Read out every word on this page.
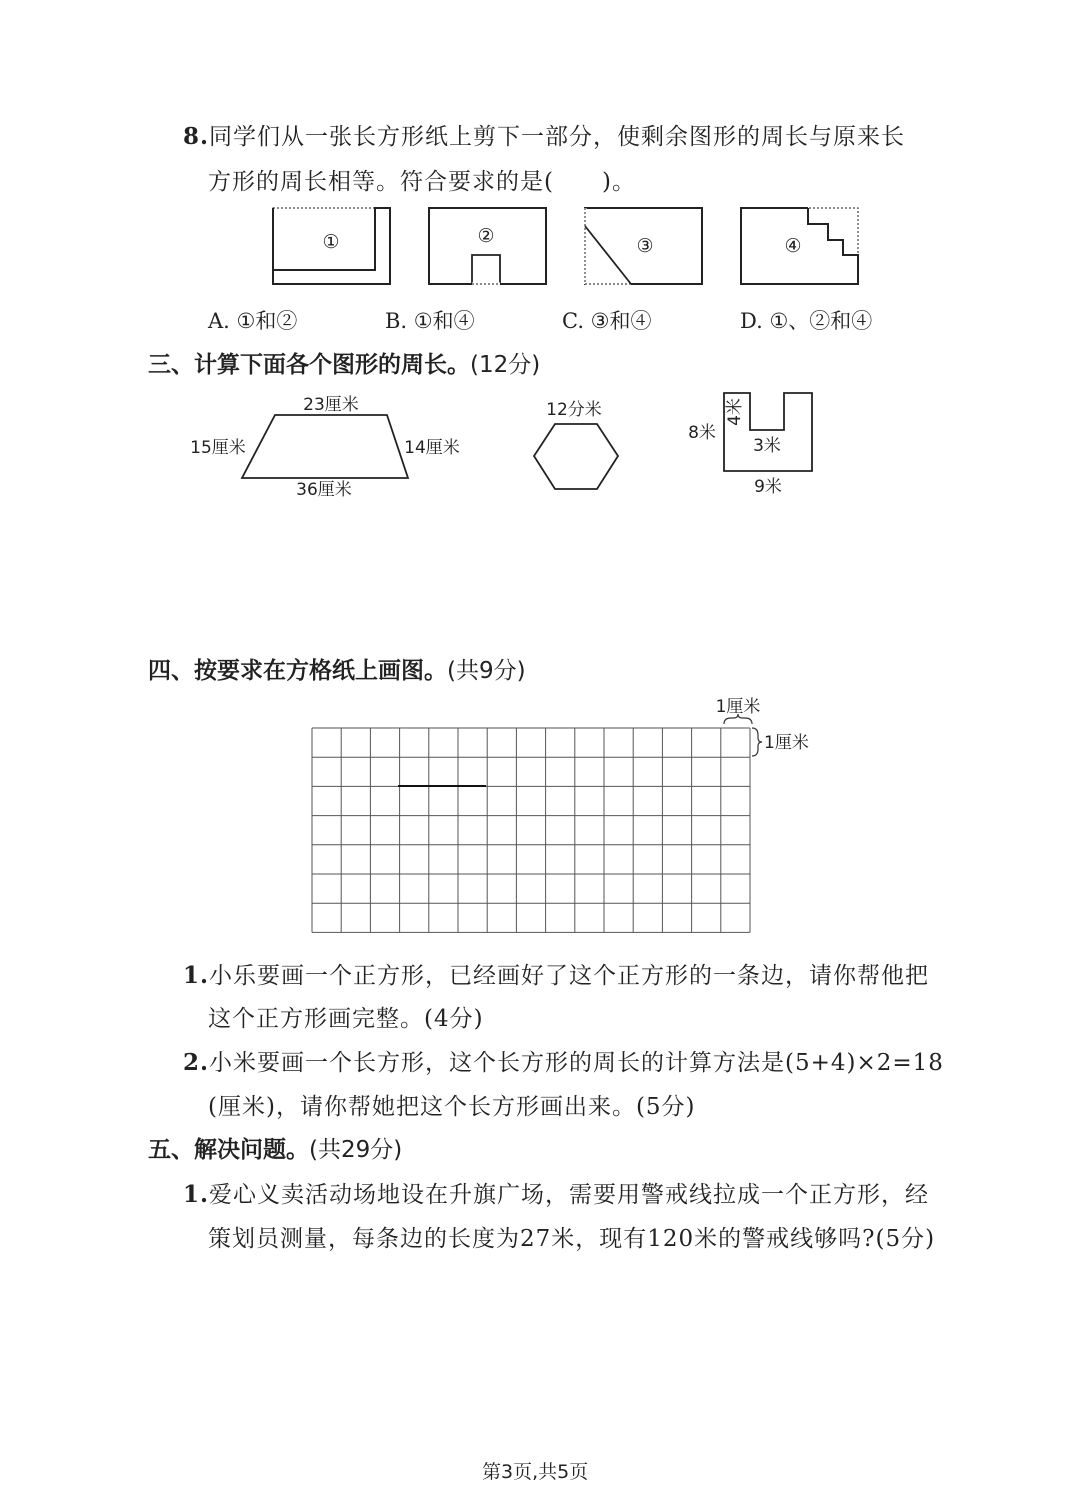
8.同学们从一张长方形纸上剪下一部分，使剩余图形的周长与原来长
方形的周长相等。符合要求的是(　　)。
①	②	③	④
A. ①和②	B. ①和④	C. ③和④	D. ①、②和④
三、计算下面各个图形的周长。(12分)
23厘米
15厘米	14厘米
36厘米
12分米
8米
4米
3米
9米
四、按要求在方格纸上画图。(共9分)
1厘米
1厘米
1.小乐要画一个正方形，已经画好了这个正方形的一条边，请你帮他把
这个正方形画完整。(4分)
2.小米要画一个长方形，这个长方形的周长的计算方法是(5+4)×2=18
(厘米)，请你帮她把这个长方形画出来。(5分)
五、解决问题。(共29分)
1.爱心义卖活动场地设在升旗广场，需要用警戒线拉成一个正方形，经
策划员测量，每条边的长度为27米，现有120米的警戒线够吗?(5分)
第3页,共5页
